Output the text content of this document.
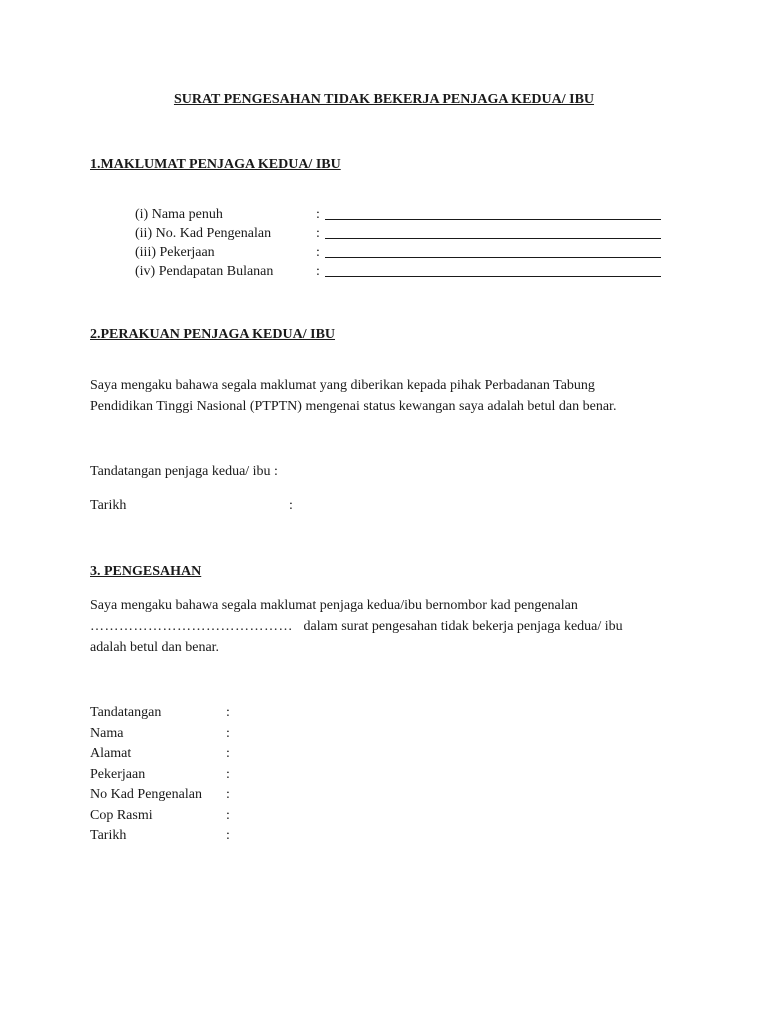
SURAT PENGESAHAN TIDAK BEKERJA PENJAGA KEDUA/ IBU
1.MAKLUMAT PENJAGA KEDUA/ IBU
(i) Nama penuh	:
(ii) No. Kad Pengenalan	:
(iii) Pekerjaan	:
(iv) Pendapatan Bulanan	:
2.PERAKUAN PENJAGA KEDUA/ IBU
Saya mengaku bahawa segala maklumat yang diberikan kepada pihak Perbadanan Tabung
Pendidikan Tinggi Nasional (PTPTN) mengenai status kewangan saya adalah betul dan benar.
Tandatangan penjaga kedua/ ibu :
Tarikh	:
3. PENGESAHAN
Saya mengaku bahawa segala maklumat penjaga kedua/ibu bernombor kad pengenalan
…………………………………… dalam surat pengesahan tidak bekerja penjaga kedua/ ibu
adalah betul dan benar.
Tandatangan	:
Nama	:
Alamat	:
Pekerjaan	:
No Kad Pengenalan :
Cop Rasmi	:
Tarikh	:
